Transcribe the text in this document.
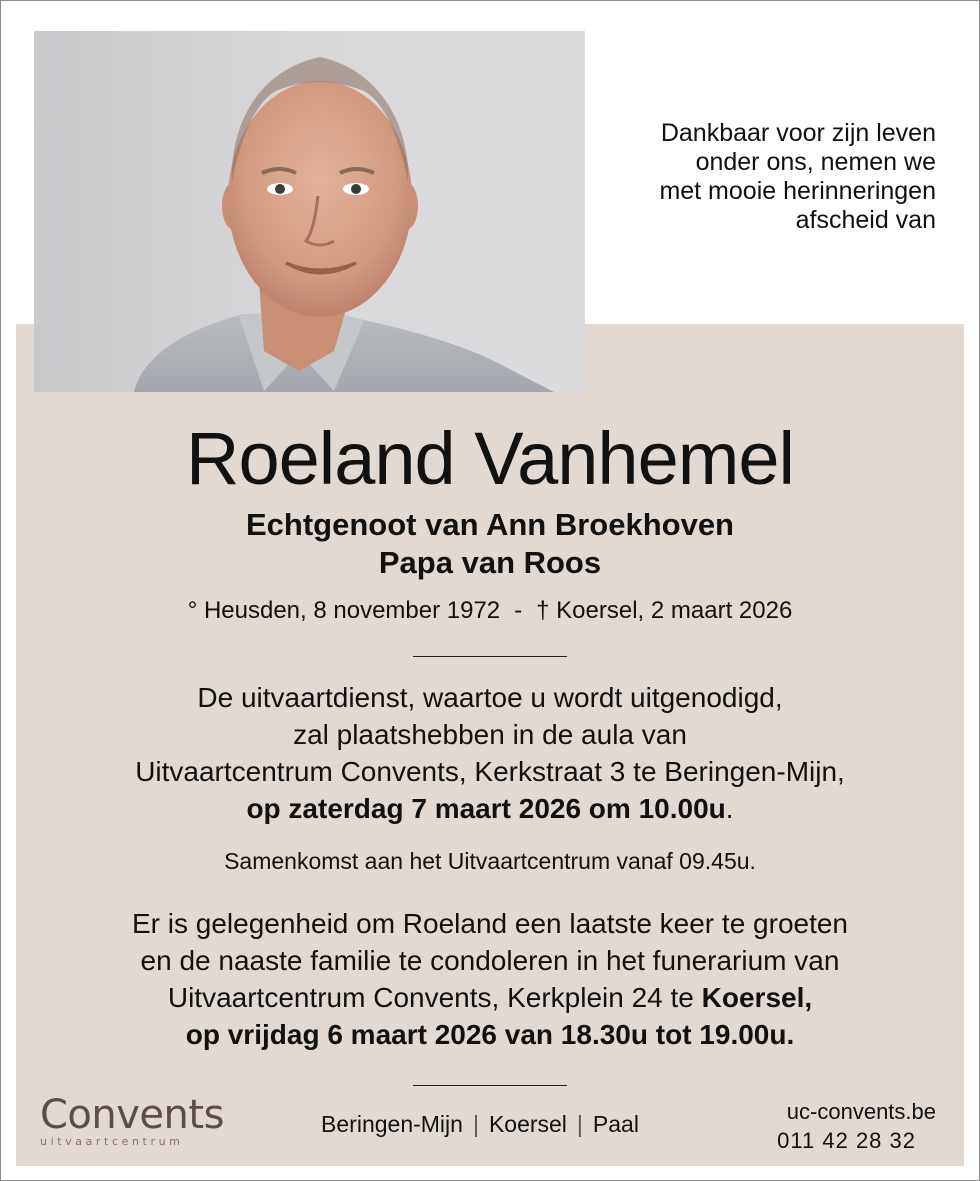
Dankbaar voor zijn leven
onder ons, nemen we
met mooie herinneringen
afscheid van
Roeland Vanhemel
Echtgenoot van Ann Broekhoven
Papa van Roos
° Heusden, 8 november 1972 - † Koersel, 2 maart 2026
De uitvaartdienst, waartoe u wordt uitgenodigd,
zal plaatshebben in de aula van
Uitvaartcentrum Convents, Kerkstraat 3 te Beringen-Mijn,
op zaterdag 7 maart 2026 om 10.00u.
Samenkomst aan het Uitvaartcentrum vanaf 09.45u.
Er is gelegenheid om Roeland een laatste keer te groeten
en de naaste familie te condoleren in het funerarium van
Uitvaartcentrum Convents, Kerkplein 24 te Koersel,
op vrijdag 6 maart 2026 van 18.30u tot 19.00u.
Convents
uitvaartcentrum
Beringen-Mijn | Koersel | Paal	uc-convents.be
011 42 28 32
